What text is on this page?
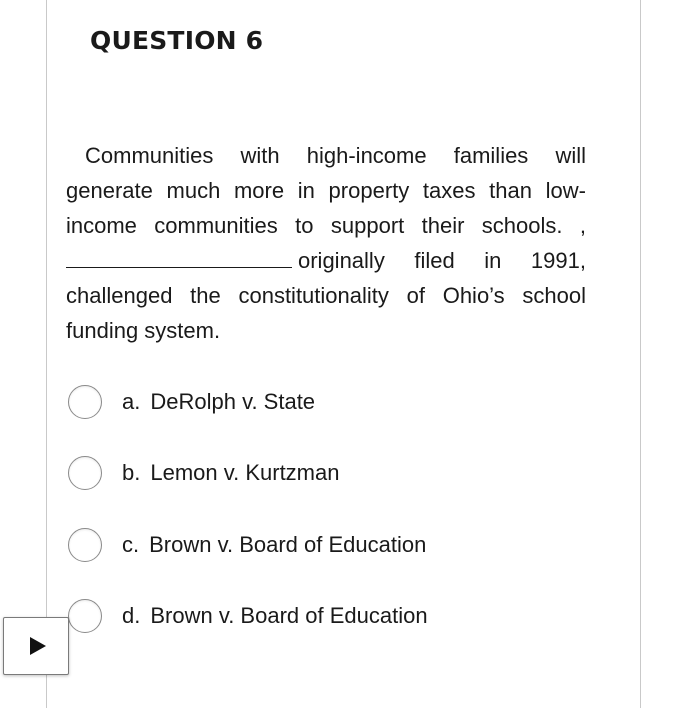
QUESTION 6

Communities with high-income families will generate much more in property taxes than low-income communities to support their schools. , originally filed in 1991, challenged the constitutionality of Ohio’s school funding system.

a. DeRolph v. State
b. Lemon v. Kurtzman
c. Brown v. Board of Education
d. Brown v. Board of Education
